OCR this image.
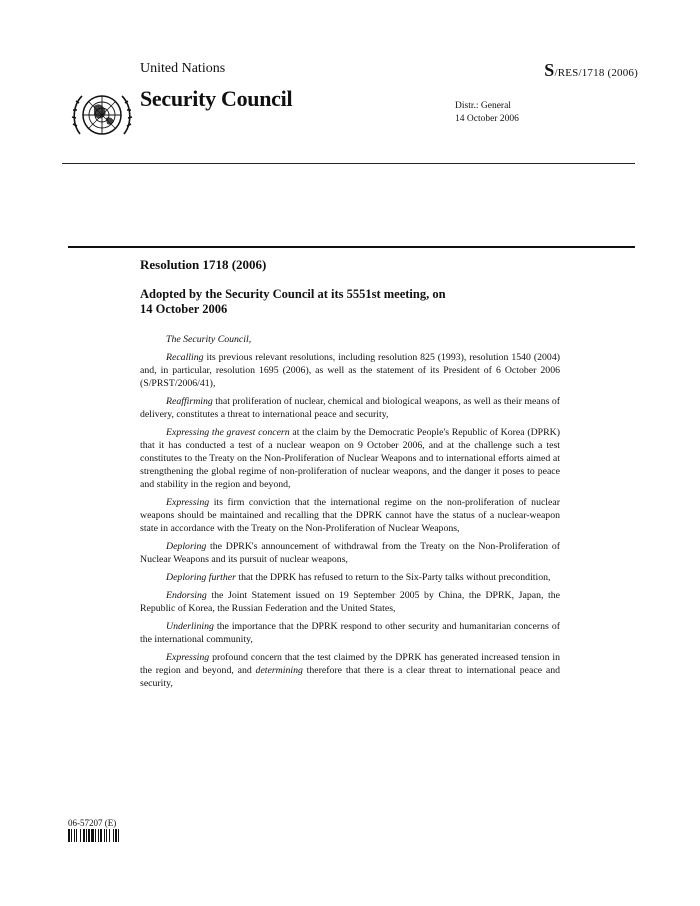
United Nations	S/RES/1718 (2006)
Security Council	Distr.: General
14 October 2006
Resolution 1718 (2006)
Adopted by the Security Council at its 5551st meeting, on
14 October 2006

The Security Council,

Recalling its previous relevant resolutions, including resolution 825 (1993), resolution 1540 (2004) and, in particular, resolution 1695 (2006), as well as the statement of its President of 6 October 2006 (S/PRST/2006/41),

Reaffirming that proliferation of nuclear, chemical and biological weapons, as well as their means of delivery, constitutes a threat to international peace and security,

Expressing the gravest concern at the claim by the Democratic People's Republic of Korea (DPRK) that it has conducted a test of a nuclear weapon on 9 October 2006, and at the challenge such a test constitutes to the Treaty on the Non-Proliferation of Nuclear Weapons and to international efforts aimed at strengthening the global regime of non-proliferation of nuclear weapons, and the danger it poses to peace and stability in the region and beyond,

Expressing its firm conviction that the international regime on the non-proliferation of nuclear weapons should be maintained and recalling that the DPRK cannot have the status of a nuclear-weapon state in accordance with the Treaty on the Non-Proliferation of Nuclear Weapons,

Deploring the DPRK's announcement of withdrawal from the Treaty on the Non-Proliferation of Nuclear Weapons and its pursuit of nuclear weapons,

Deploring further that the DPRK has refused to return to the Six-Party talks without precondition,

Endorsing the Joint Statement issued on 19 September 2005 by China, the DPRK, Japan, the Republic of Korea, the Russian Federation and the United States,

Underlining the importance that the DPRK respond to other security and humanitarian concerns of the international community,

Expressing profound concern that the test claimed by the DPRK has generated increased tension in the region and beyond, and determining therefore that there is a clear threat to international peace and security,

06-57207 (E)
